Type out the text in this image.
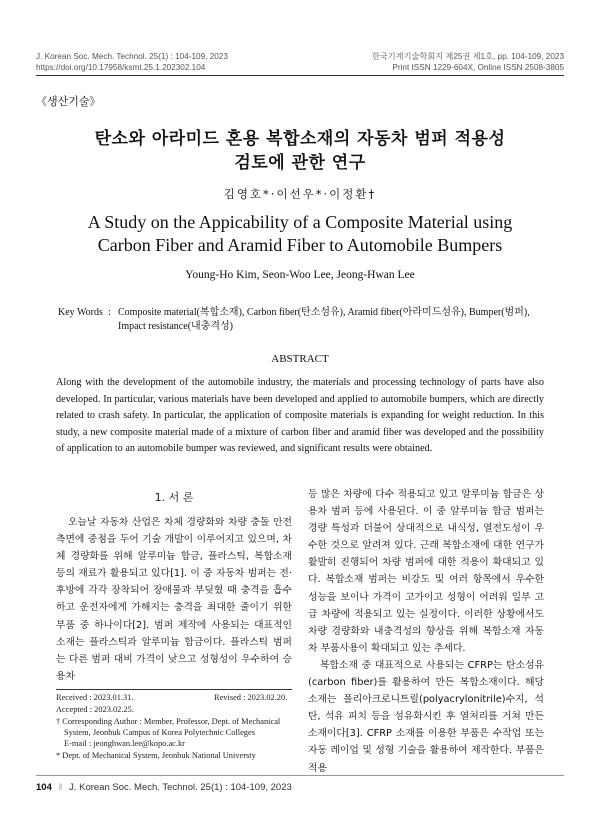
J. Korean Soc. Mech. Technol. 25(1) : 104-109, 2023
https://doi.org/10.17958/ksmt.25.1.202302.104
한국기계기술학회지 제25권 제1호, pp. 104-109, 2023
Print ISSN 1229-604X, Online ISSN 2508-3805
《생산기술》
탄소와 아라미드 혼용 복합소재의 자동차 범퍼 적용성
검토에 관한 연구
김영호*·이선우*·이정환†
A Study on the Appicability of a Composite Material using
Carbon Fiber and Aramid Fiber to Automobile Bumpers
Young-Ho Kim, Seon-Woo Lee, Jeong-Hwan Lee
Key Words : Composite material(복합소재), Carbon fiber(탄소섬유), Aramid fiber(아라미드섬유), Bumper(범퍼),
Impact resistance(내충격성)
ABSTRACT
Along with the development of the automobile industry, the materials and processing technology of parts have also developed. In particular, various materials have been developed and applied to automobile bumpers, which are directly related to crash safety. In particular, the application of composite materials is expanding for weight reduction. In this study, a new composite material made of a mixture of carbon fiber and aramid fiber was developed and the possibility of application to an automobile bumper was reviewed, and significant results were obtained.
1. 서 론
오늘날 자동차 산업은 차체 경량화와 차량 충돌 안전측면에 중점을 두어 기술 개발이 이루어지고 있으며, 차체 경량화를 위해 알루미늄 합금, 플라스틱, 복합소재 등의 재료가 활용되고 있다[1]. 이 중 자동차 범퍼는 전·후방에 각각 장착되어 장애물과 부딪혔 때 충격을 흡수하고 운전자에게 가해지는 충격을 최대한 줄이기 위한 부품 중 하나이다[2]. 범퍼 제작에 사용되는 대표적인 소재는 플라스틱과 알루미늄 합금이다. 플라스틱 범퍼는 다른 범퍼 대비 가격이 낮으고 성형성이 우수하여 승용차
Received : 2023.01.31.	Revised : 2023.02.20.
Accepted : 2023.02.25.
† Corresponding Author : Member, Professor, Dept. of Mechanical
System, Jeonbuk Campus of Korea Polytechnic Colleges
E-mail : jeonghwan.lee@kopo.ac.kr
* Dept. of Mechanical System, Jeonbuk National Universty
등 많은 차량에 다수 적용되고 있고 알루미늄 합금은 상용차 범퍼 등에 사용된다. 이 중 알루미늄 합금 범퍼는 경량 특성과 더불어 상대적으로 내식성, 열전도성이 우수한 것으로 알려져 있다. 근래 복합소재에 대한 연구가 활발히 진행되어 차량 범퍼에 대한 적용이 확대되고 있다. 복합소재 범퍼는 비강도 및 여러 항목에서 우수한 성능을 보이나 가격이 고가이고 성형이 어려워 일부 고급 차량에 적용되고 있는 실정이다. 이러한 상황에서도 차량 경량화와 내충격성의 향상을 위해 복합소재 자동차 부품사용이 확대되고 있는 추세다.
복합소재 중 대표적으로 사용되는 CFRP는 탄소섬유(carbon fiber)를 활용하여 만든 복합소재이다. 해당 소재는 폴리아크로니트릴(polyacrylonitrile)수지, 석탄, 석유 피치 등을 섬유화시킨 후 열처리를 거쳐 만든 소재이다[3]. CFRP 소재를 이용한 부품은 수작업 또는 자동 레이업 및 성형 기술을 활용하여 제작한다. 부품은 적용
104 ‖ J. Korean Soc. Mech. Technol. 25(1) : 104-109, 2023
